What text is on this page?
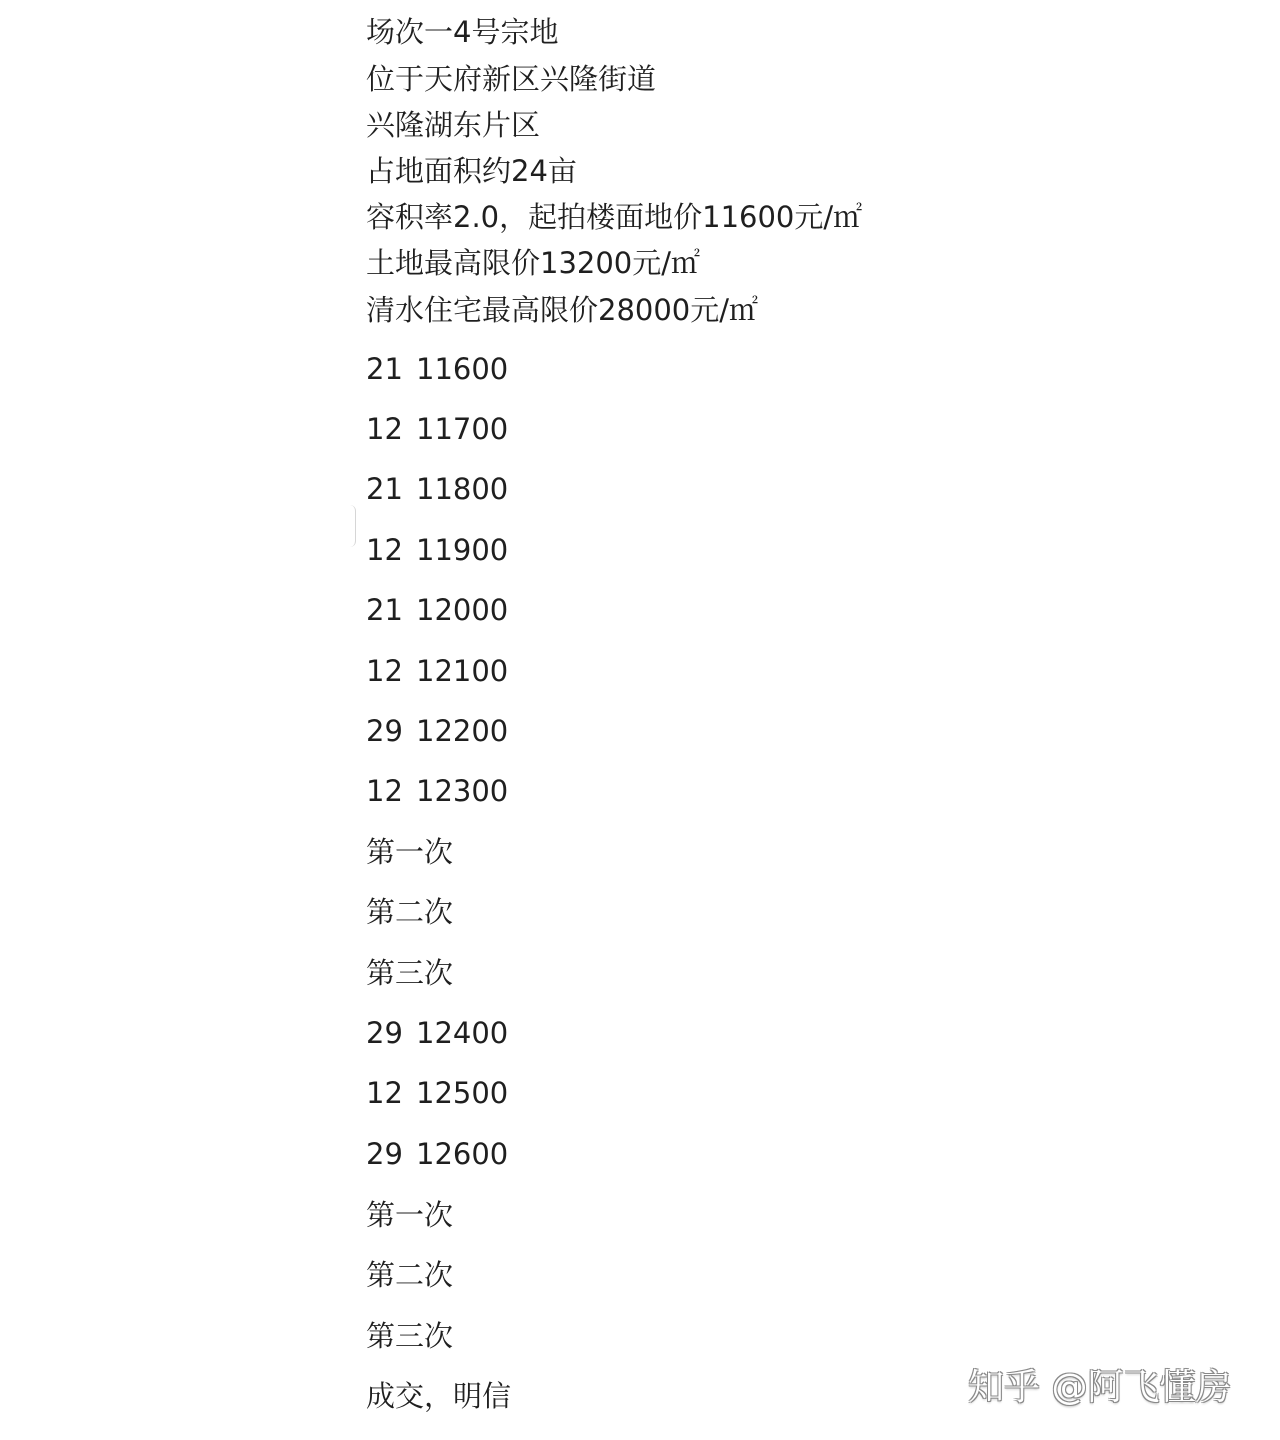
场次一4号宗地
位于天府新区兴隆街道
兴隆湖东片区
占地面积约24亩
容积率2.0，起拍楼面地价11600元/㎡
土地最高限价13200元/㎡
清水住宅最高限价28000元/㎡
21 11600
12 11700
21 11800
12 11900
21 12000
12 12100
29 12200
12 12300
第一次
第二次
第三次
29 12400
12 12500
29 12600
第一次
第二次
第三次
成交，明信	知乎 @阿飞懂房
